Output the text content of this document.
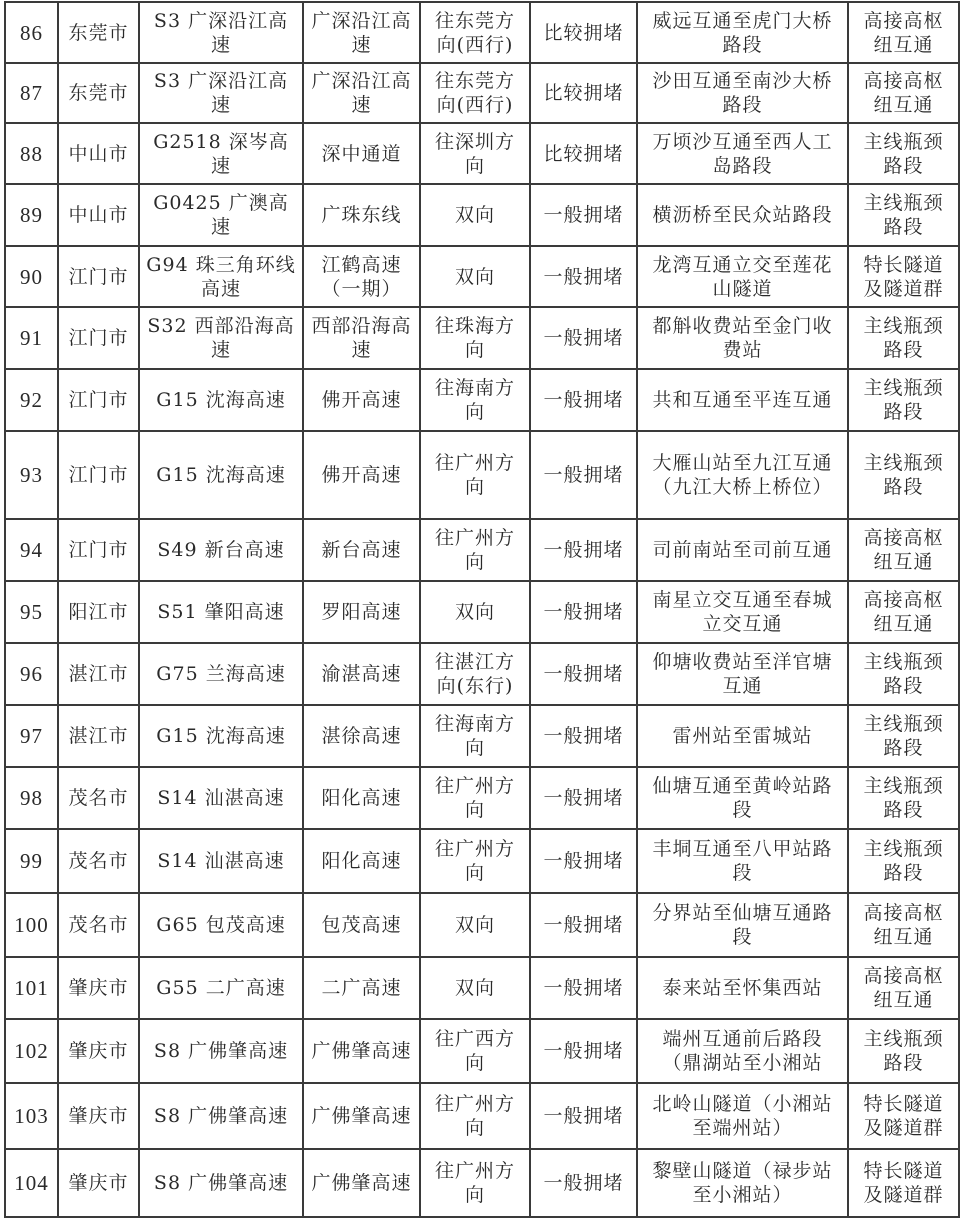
86	东莞市	S3 广深沿江高速	广深沿江高速	往东莞方向(西行)	比较拥堵	威远互通至虎门大桥路段	高接高枢纽互通
87	东莞市	S3 广深沿江高速	广深沿江高速	往东莞方向(西行)	比较拥堵	沙田互通至南沙大桥路段	高接高枢纽互通
88	中山市	G2518 深岑高速	深中通道	往深圳方向	比较拥堵	万顷沙互通至西人工岛路段	主线瓶颈路段
89	中山市	G0425 广澳高速	广珠东线	双向	一般拥堵	横沥桥至民众站路段	主线瓶颈路段
90	江门市	G94 珠三角环线高速	江鹤高速（一期）	双向	一般拥堵	龙湾互通立交至莲花山隧道	特长隧道及隧道群
91	江门市	S32 西部沿海高速	西部沿海高速	往珠海方向	一般拥堵	都斛收费站至金门收费站	主线瓶颈路段
92	江门市	G15 沈海高速	佛开高速	往海南方向	一般拥堵	共和互通至平连互通	主线瓶颈路段
93	江门市	G15 沈海高速	佛开高速	往广州方向	一般拥堵	大雁山站至九江互通（九江大桥上桥位）	主线瓶颈路段
94	江门市	S49 新台高速	新台高速	往广州方向	一般拥堵	司前南站至司前互通	高接高枢纽互通
95	阳江市	S51 肇阳高速	罗阳高速	双向	一般拥堵	南星立交互通至春城立交互通	高接高枢纽互通
96	湛江市	G75 兰海高速	渝湛高速	往湛江方向(东行)	一般拥堵	仰塘收费站至洋官塘互通	主线瓶颈路段
97	湛江市	G15 沈海高速	湛徐高速	往海南方向	一般拥堵	雷州站至雷城站	主线瓶颈路段
98	茂名市	S14 汕湛高速	阳化高速	往广州方向	一般拥堵	仙塘互通至黄岭站路段	主线瓶颈路段
99	茂名市	S14 汕湛高速	阳化高速	往广州方向	一般拥堵	丰垌互通至八甲站路段	主线瓶颈路段
100	茂名市	G65 包茂高速	包茂高速	双向	一般拥堵	分界站至仙塘互通路段	高接高枢纽互通
101	肇庆市	G55 二广高速	二广高速	双向	一般拥堵	泰来站至怀集西站	高接高枢纽互通
102	肇庆市	S8 广佛肇高速	广佛肇高速	往广西方向	一般拥堵	端州互通前后路段（鼎湖站至小湘站	主线瓶颈路段
103	肇庆市	S8 广佛肇高速	广佛肇高速	往广州方向	一般拥堵	北岭山隧道（小湘站至端州站）	特长隧道及隧道群
104	肇庆市	S8 广佛肇高速	广佛肇高速	往广州方向	一般拥堵	黎壁山隧道（禄步站至小湘站）	特长隧道及隧道群
